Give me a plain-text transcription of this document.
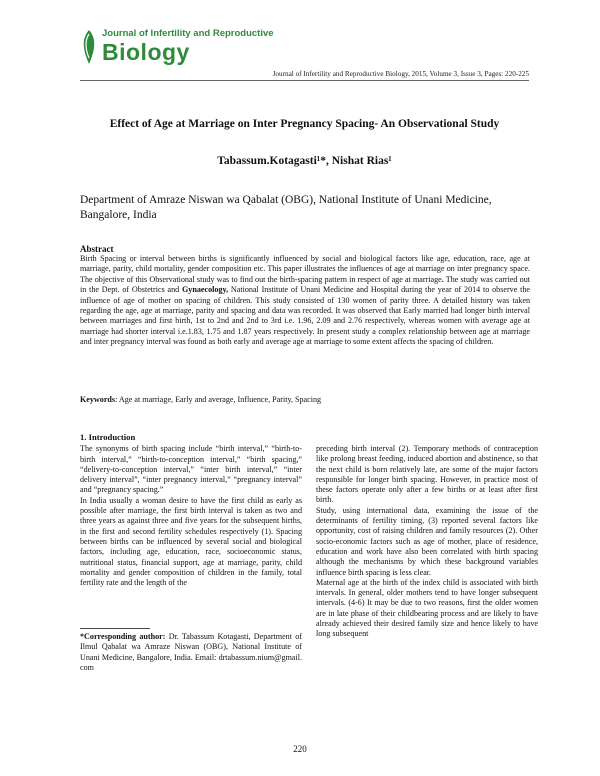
Journal of Infertility and Reproductive
Biology
Journal of Infertility and Reproductive Biology, 2015, Volume 3, Issue 3, Pages: 220-225
Effect of Age at Marriage on Inter Pregnancy Spacing- An Observational Study
Tabassum.Kotagasti¹*, Nishat Rias¹
Department of Amraze Niswan wa Qabalat (OBG), National Institute of Unani Medicine, Bangalore, India
Abstract
Birth Spacing or interval between births is significantly influenced by social and biological factors like age, education, race, age at marriage, parity, child mortality, gender composition etc. This paper illustrates the influences of age at marriage on inter pregnancy space. The objective of this Observational study was to find out the birth-spacing pattern in respect of age at marriage. The study was carried out in the Dept. of Obstetrics and Gynaecology, National Institute of Unani Medicine and Hospital during the year of 2014 to observe the influence of age of mother on spacing of children. This study consisted of 130 women of parity three. A detailed history was taken regarding the age, age at marriage, parity and spacing and data was recorded. It was observed that Early married had longer birth interval between marriages and first birth, 1st to 2nd and 2nd to 3rd i.e. 1.96, 2.09 and 2.76 respectively, whereas women with average age at marriage had shorter interval i.e.1.83, 1.75 and 1.87 years respectively. In present study a complex relationship between age at marriage and inter pregnancy interval was found as both early and average age at marriage to some extent affects the spacing of children.
Keywords: Age at marriage, Early and average, Influence, Parity, Spacing
1. Introduction

The synonyms of birth spacing include “birth interval,” “birth-to-birth interval,” “birth-to-conception interval,” “birth spacing,” “delivery-to-conception interval,” “inter birth interval,” “inter delivery interval”, “inter pregnancy interval,” “pregnancy interval” and “pregnancy spacing.”

In India usually a woman desire to have the first child as early as possible after marriage, the first birth interval is taken as two and three years as against three and five years for the subsequent births, in the first and second fertility schedules respectively (1). Spacing between births can be influenced by several social and biological factors, including age, education, race, socioeconomic status, nutritional status, financial support, age at marriage, parity, child mortality and gender composition of children in the family, total fertility rate and the length of the

preceding birth interval (2). Temporary methods of contraception like prolong breast feeding, induced abortion and abstinence, so that the next child is born relatively late, are some of the major factors responsible for longer birth spacing. However, in practice most of these factors operate only after a few births or at least after first birth.

Study, using international data, examining the issue of the determinants of fertility timing, (3) reported several factors like opportunity, cost of raising children and family resources (2). Other socio-economic factors such as age of mother, place of residence, education and work have also been correlated with birth spacing although the mechanisms by which these background variables influence birth spacing is less clear.

Maternal age at the birth of the index child is associated with birth intervals. In general, older mothers tend to have longer subsequent intervals. (4-6) It may be due to two reasons, first the older women are in late phase of their childbearing process and are likely to have already achieved their desired family size and hence likely to have long subsequent

*Corresponding author: Dr. Tabassum Kotagasti, Department of Ilmul Qabalat wa Amraze Niswan (OBG), National Institute of Unani Medicine, Bangalore, India. Email: drtabassum.nium@gmail. com
220
